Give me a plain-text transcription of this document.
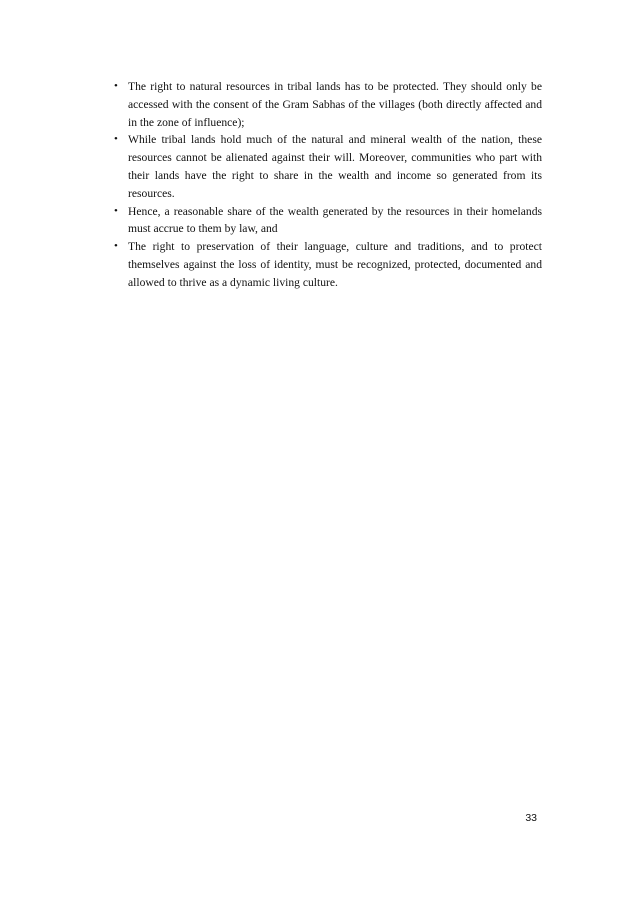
• The right to natural resources in tribal lands has to be protected. They should only be accessed with the consent of the Gram Sabhas of the villages (both directly affected and in the zone of influence);
• While tribal lands hold much of the natural and mineral wealth of the nation, these resources cannot be alienated against their will. Moreover, communities who part with their lands have the right to share in the wealth and income so generated from its resources.
• Hence, a reasonable share of the wealth generated by the resources in their homelands must accrue to them by law, and
• The right to preservation of their language, culture and traditions, and to protect themselves against the loss of identity, must be recognized, protected, documented and allowed to thrive as a dynamic living culture.
33
